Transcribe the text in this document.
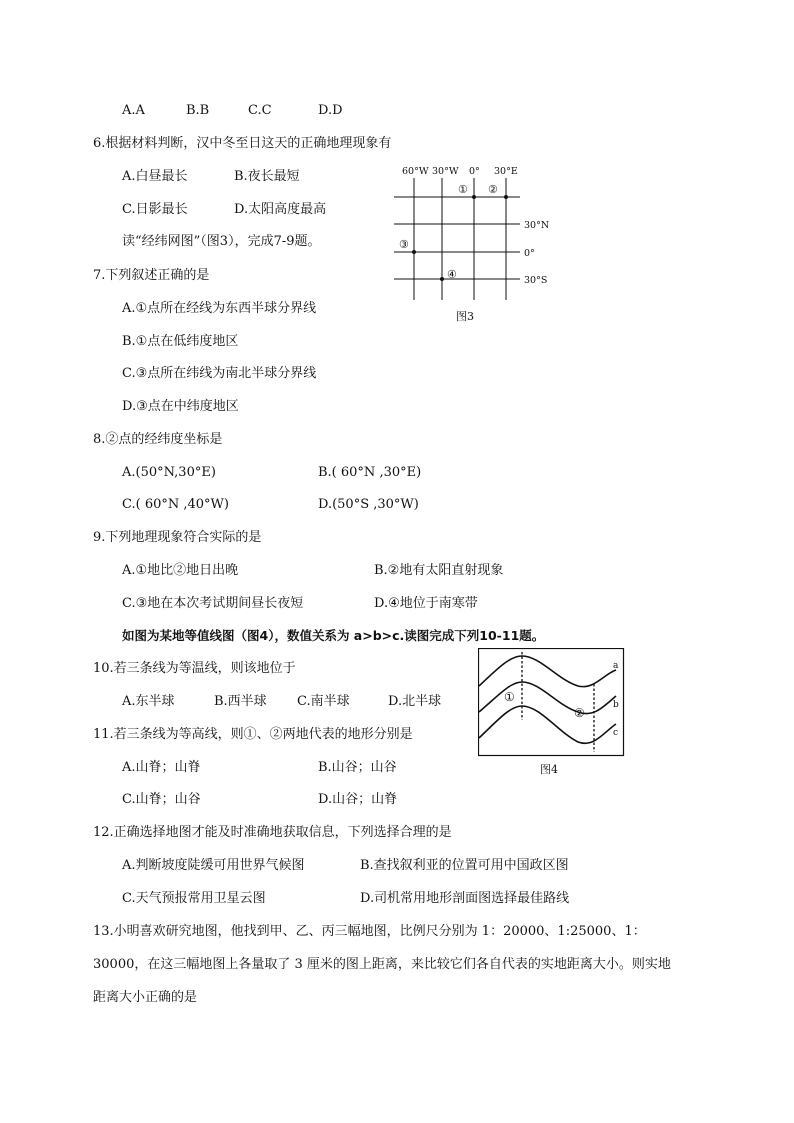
A.A	B.B	C.C	D.D
6.根据材料判断，汉中冬至日这天的正确地理现象有
A.白昼最长	B.夜长最短
C.日影最长	D.太阳高度最高
读“经纬网图”（图3），完成7-9题。
60°W 30°W 0° 30°E
30°N
0°
30°S
① ②
③
④
图3
7.下列叙述正确的是
A.①点所在经线为东西半球分界线
B.①点在低纬度地区
C.③点所在纬线为南北半球分界线
D.③点在中纬度地区
8.②点的经纬度坐标是
A.(50°N,30°E)	B.( 60°N ,30°E)
C.( 60°N ,40°W)	D.(50°S ,30°W)
9.下列地理现象符合实际的是
A.①地比②地日出晚	B.②地有太阳直射现象
C.③地在本次考试期间昼长夜短	D.④地位于南寒带
如图为某地等值线图（图4），数值关系为 a>b>c.读图完成下列10-11题。
a
b
c
①
②
图4
10.若三条线为等温线，则该地位于
A.东半球	B.西半球 C.南半球	D.北半球
11.若三条线为等高线，则①、②两地代表的地形分别是
A.山脊；山脊	B.山谷；山谷
C.山脊；山谷	D.山谷；山脊
12.正确选择地图才能及时准确地获取信息，下列选择合理的是
A.判断坡度陡缓可用世界气候图	B.查找叙利亚的位置可用中国政区图
C.天气预报常用卫星云图	D.司机常用地形剖面图选择最佳路线
13.小明喜欢研究地图，他找到甲、乙、丙三幅地图，比例尺分别为 1：20000、1:25000、1：
30000，在这三幅地图上各量取了 3 厘米的图上距离，来比较它们各自代表的实地距离大小。则实地
距离大小正确的是
